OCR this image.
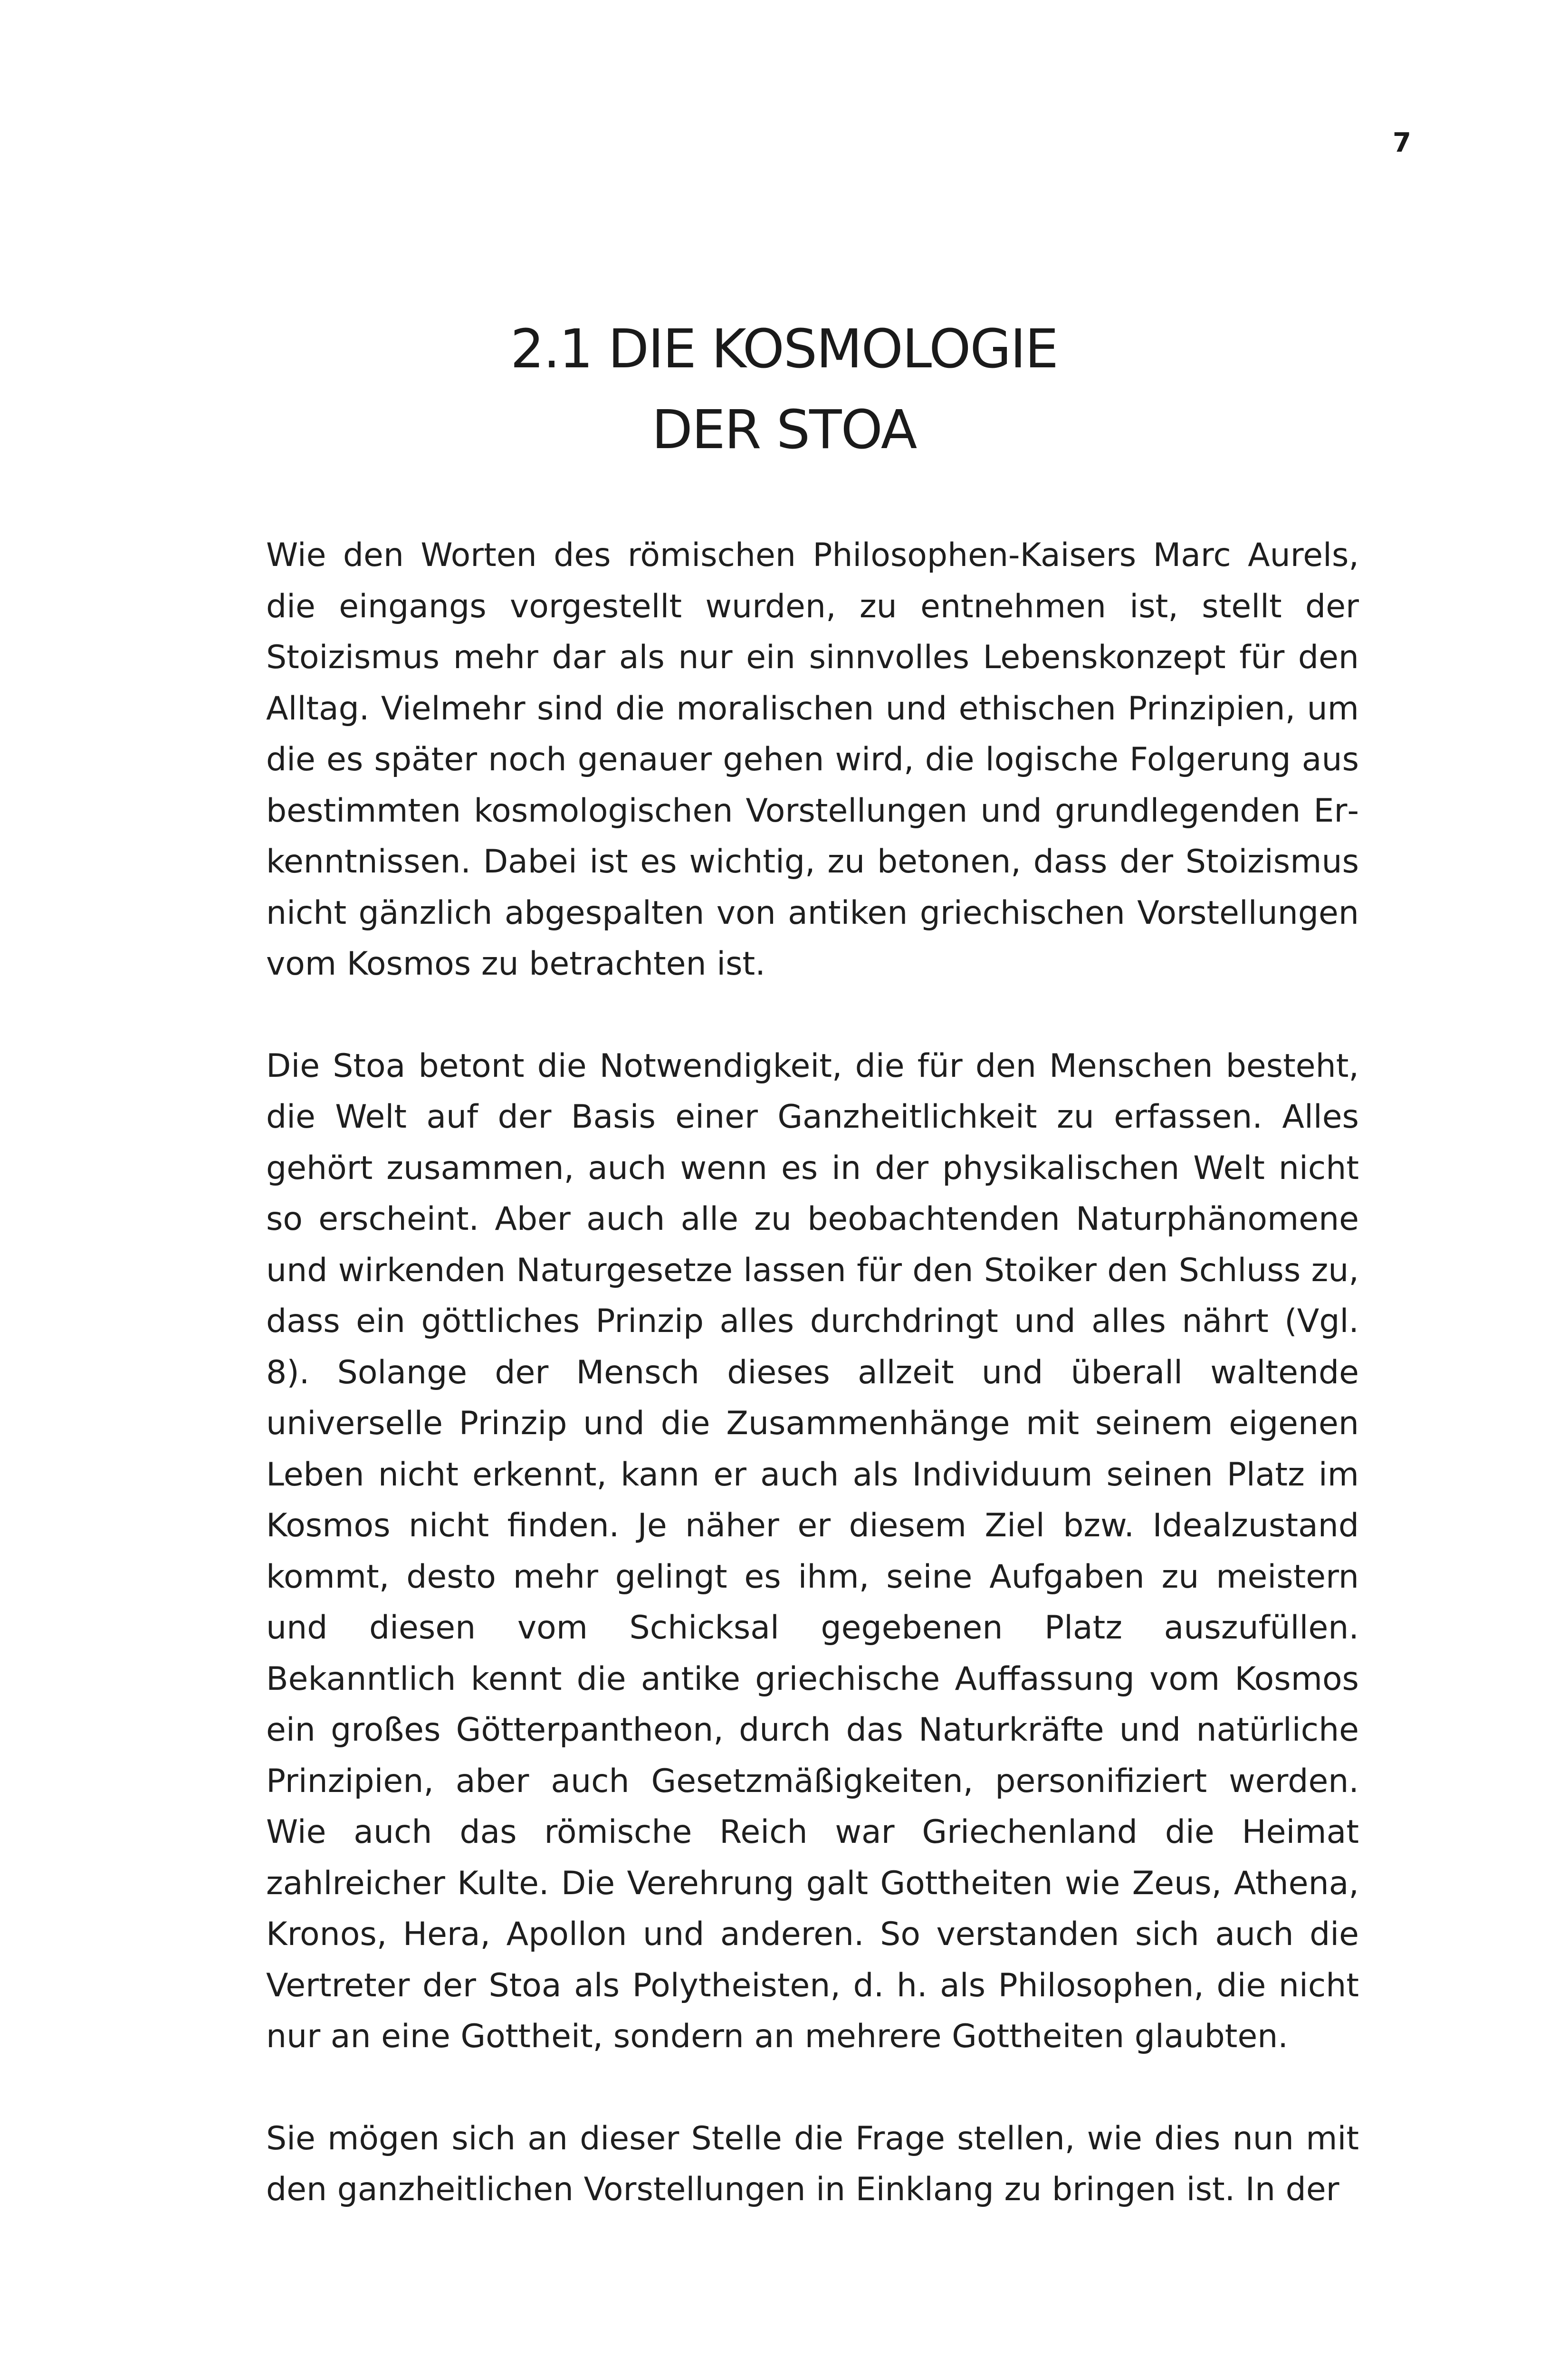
7
2.1 DIE KOSMOLOGIE
DER STOA

Wie den Worten des römischen Philosophen-Kaisers Marc Aurels, die eingangs vorgestellt wurden, zu entnehmen ist, stellt der Stoizismus mehr dar als nur ein sinnvolles Lebenskonzept für den Alltag. Vielmehr sind die moralischen und ethischen Prinzipien, um die es später noch genauer gehen wird, die logische Folgerung aus bestimmten kosmologischen Vorstellungen und grundlegenden Erkenntnissen. Dabei ist es wichtig, zu betonen, dass der Stoizismus nicht gänzlich abgespalten von antiken griechischen Vorstellungen vom Kosmos zu betrachten ist.

Die Stoa betont die Notwendigkeit, die für den Menschen besteht, die Welt auf der Basis einer Ganzheitlichkeit zu erfassen. Alles gehört zusammen, auch wenn es in der physikalischen Welt nicht so erscheint. Aber auch alle zu beobachtenden Naturphänomene und wirkenden Naturgesetze lassen für den Stoiker den Schluss zu, dass ein göttliches Prinzip alles durchdringt und alles nährt (Vgl. 8). Solange der Mensch dieses allzeit und überall waltende universelle Prinzip und die Zusammenhänge mit seinem eigenen Leben nicht erkennt, kann er auch als Individuum seinen Platz im Kosmos nicht finden. Je näher er diesem Ziel bzw. Idealzustand kommt, desto mehr gelingt es ihm, seine Aufgaben zu meistern und diesen vom Schicksal gegebenen Platz auszufüllen. Bekanntlich kennt die antike griechische Auffassung vom Kosmos ein großes Götterpantheon, durch das Naturkräfte und natürliche Prinzipien, aber auch Gesetzmäßigkeiten, personifiziert werden. Wie auch das römische Reich war Griechenland die Heimat zahlreicher Kulte. Die Verehrung galt Gottheiten wie Zeus, Athena, Kronos, Hera, Apollon und anderen. So verstanden sich auch die Vertreter der Stoa als Polytheisten, d. h. als Philosophen, die nicht nur an eine Gottheit, sondern an mehrere Gottheiten glaubten.

Sie mögen sich an dieser Stelle die Frage stellen, wie dies nun mit den ganzheitlichen Vorstellungen in Einklang zu bringen ist. In der
